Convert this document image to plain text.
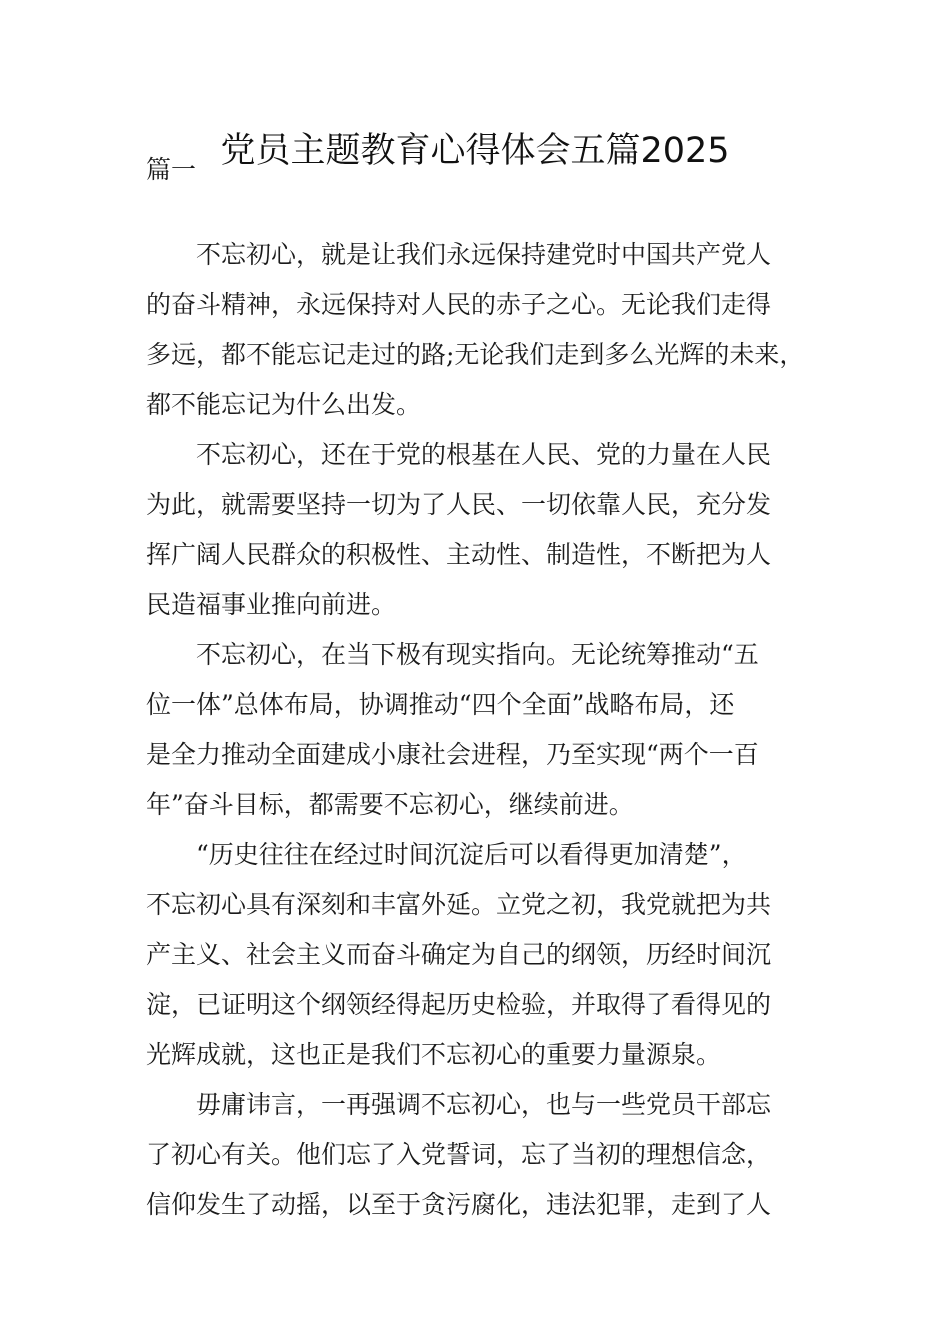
党员主题教育心得体会五篇2025

篇一

不忘初心，就是让我们永远保持建党时中国共产党人
的奋斗精神，永远保持对人民的赤子之心。无论我们走得
多远，都不能忘记走过的路;无论我们走到多么光辉的未来，
都不能忘记为什么出发。
不忘初心，还在于党的根基在人民、党的力量在人民
为此，就需要坚持一切为了人民、一切依靠人民，充分发
挥广阔人民群众的积极性、主动性、制造性，不断把为人
民造福事业推向前进。
不忘初心，在当下极有现实指向。无论统筹推动“五
位一体”总体布局，协调推动“四个全面”战略布局，还
是全力推动全面建成小康社会进程，乃至实现“两个一百
年”奋斗目标，都需要不忘初心，继续前进。
“历史往往在经过时间沉淀后可以看得更加清楚”，
不忘初心具有深刻和丰富外延。立党之初，我党就把为共
产主义、社会主义而奋斗确定为自己的纲领，历经时间沉
淀，已证明这个纲领经得起历史检验，并取得了看得见的
光辉成就，这也正是我们不忘初心的重要力量源泉。
毋庸讳言，一再强调不忘初心，也与一些党员干部忘
了初心有关。他们忘了入党誓词，忘了当初的理想信念，
信仰发生了动摇，以至于贪污腐化，违法犯罪，走到了人
